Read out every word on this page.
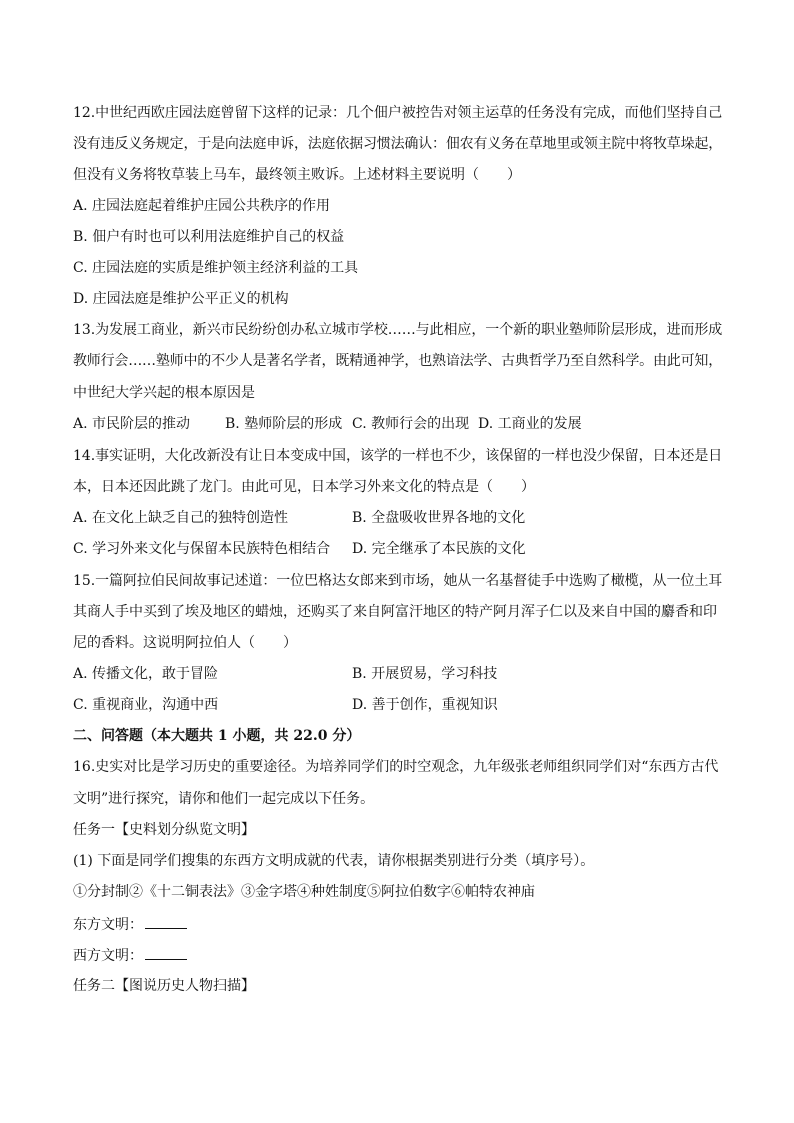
12.中世纪西欧庄园法庭曾留下这样的记录：几个佃户被控告对领主运草的任务没有完成，而他们坚持自己
没有违反义务规定，于是向法庭申诉，法庭依据习惯法确认：佃农有义务在草地里或领主院中将牧草垛起，
但没有义务将牧草装上马车，最终领主败诉。上述材料主要说明（　　）
A. 庄园法庭起着维护庄园公共秩序的作用
B. 佃户有时也可以利用法庭维护自己的权益
C. 庄园法庭的实质是维护领主经济利益的工具
D. 庄园法庭是维护公平正义的机构
13.为发展工商业，新兴市民纷纷创办私立城市学校……与此相应，一个新的职业塾师阶层形成，进而形成
教师行会……塾师中的不少人是著名学者，既精通神学，也熟谙法学、古典哲学乃至自然科学。由此可知，
中世纪大学兴起的根本原因是
A. 市民阶层的推动 B. 塾师阶层的形成 C. 教师行会的出现 D. 工商业的发展
14.事实证明，大化改新没有让日本变成中国，该学的一样也不少，该保留的一样也没少保留，日本还是日
本，日本还因此跳了龙门。由此可见，日本学习外来文化的特点是（　　）
A. 在文化上缺乏自己的独特创造性	B. 全盘吸收世界各地的文化
C. 学习外来文化与保留本民族特色相结合 D. 完全继承了本民族的文化
15.一篇阿拉伯民间故事记述道：一位巴格达女郎来到市场，她从一名基督徒手中选购了橄榄，从一位土耳
其商人手中买到了埃及地区的蜡烛，还购买了来自阿富汗地区的特产阿月浑子仁以及来自中国的麝香和印
尼的香料。这说明阿拉伯人（　　）
A. 传播文化，敢于冒险	B. 开展贸易，学习科技
C. 重视商业，沟通中西	D. 善于创作，重视知识
二、问答题（本大题共 1 小题，共 22.0 分）
16.史实对比是学习历史的重要途径。为培养同学们的时空观念，九年级张老师组织同学们对“东西方古代
文明”进行探究，请你和他们一起完成以下任务。
任务一【史料划分纵览文明】
(1) 下面是同学们搜集的东西方文明成就的代表，请你根据类别进行分类（填序号）。
①分封制②《十二铜表法》③金字塔④种姓制度⑤阿拉伯数字⑥帕特农神庙
东方文明：
西方文明：
任务二【图说历史人物扫描】
